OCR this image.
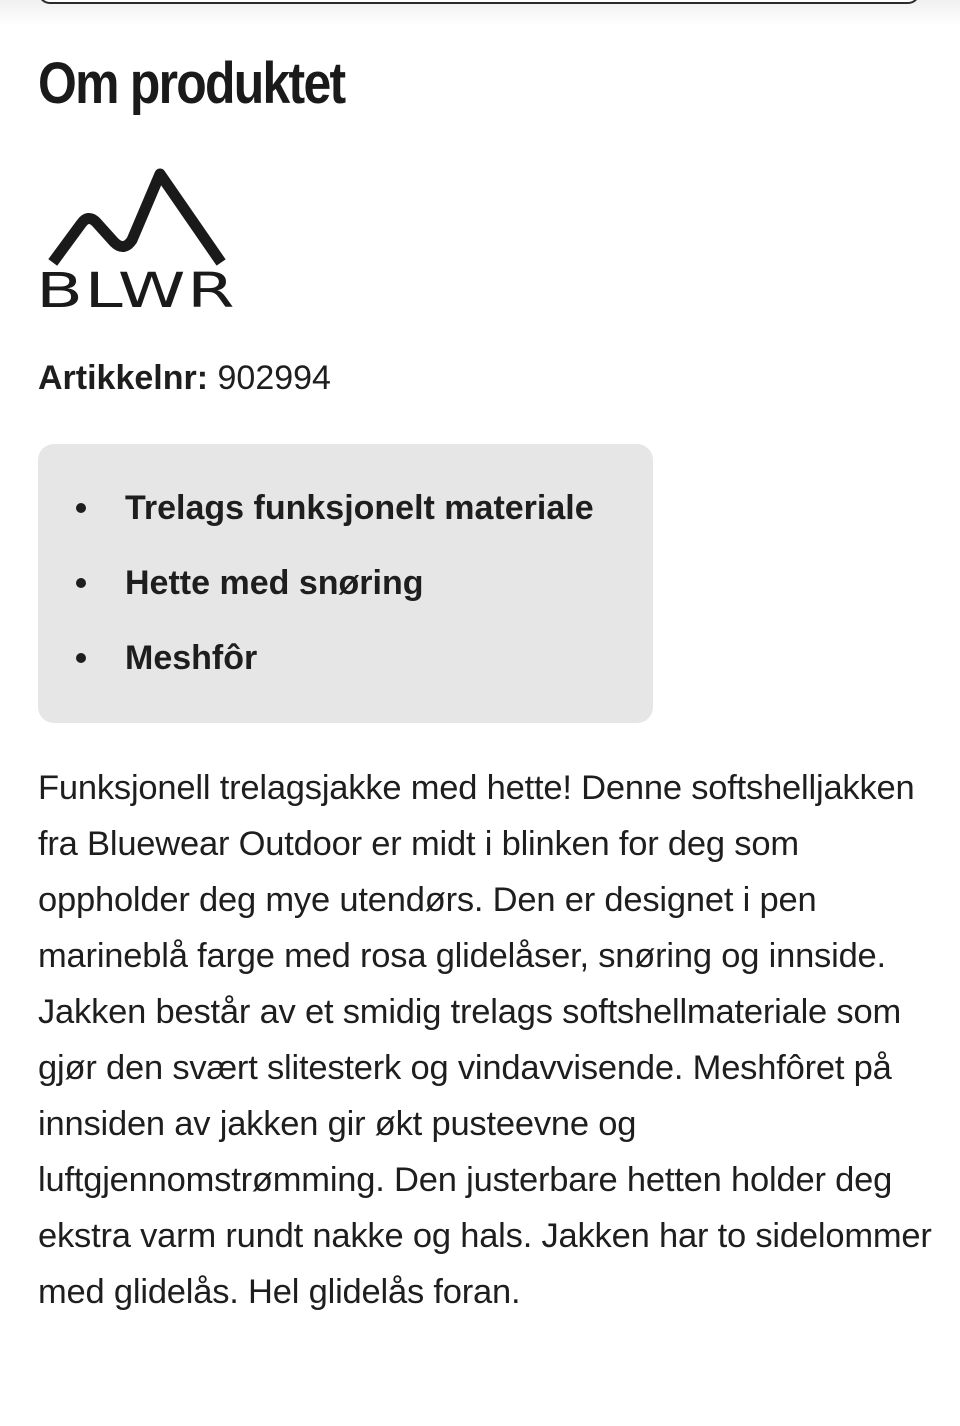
Om produktet
BLWR
Artikkelnr: 902994
Trelags funksjonelt materiale
Hette med snøring
Meshfôr

Funksjonell trelagsjakke med hette! Denne softshelljakken fra Bluewear Outdoor er midt i blinken for deg som oppholder deg mye utendørs. Den er designet i pen marineblå farge med rosa glidelåser, snøring og innside. Jakken består av et smidig trelags softshellmateriale som gjør den svært slitesterk og vindavvisende. Meshfôret på innsiden av jakken gir økt pusteevne og luftgjennomstrømming. Den justerbare hetten holder deg ekstra varm rundt nakke og hals. Jakken har to sidelommer med glidelås. Hel glidelås foran.
